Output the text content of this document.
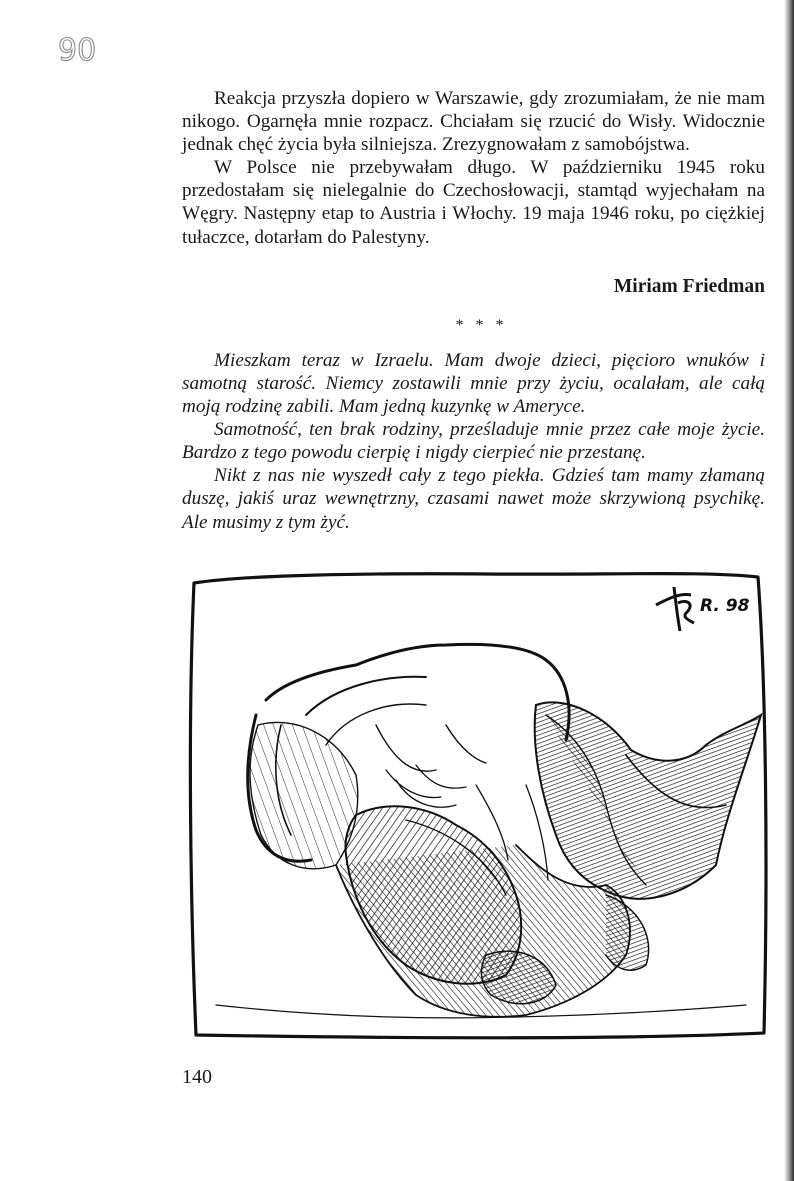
90

Reakcja przyszła dopiero w Warszawie, gdy zrozumiałam, że nie mam nikogo. Ogarnęła mnie rozpacz. Chciałam się rzucić do Wisły. Widocznie jednak chęć życia była silniejsza. Zrezygnowałam z samobójstwa.

W Polsce nie przebywałam długo. W październiku 1945 roku przedostałam się nielegalnie do Czechosłowacji, stamtąd wyjechałam na Węgry. Następny etap to Austria i Włochy. 19 maja 1946 roku, po ciężkiej tułaczce, dotarłam do Palestyny.

Miriam Friedman

* * *

Mieszkam teraz w Izraelu. Mam dwoje dzieci, pięcioro wnuków i samotną starość. Niemcy zostawili mnie przy życiu, ocalałam, ale całą moją rodzinę zabili. Mam jedną kuzynkę w Ameryce.

Samotność, ten brak rodziny, prześladuje mnie przez całe moje życie. Bardzo z tego powodu cierpię i nigdy cierpieć nie przestanę.

Nikt z nas nie wyszedł cały z tego piekła. Gdzieś tam mamy złamaną duszę, jakiś uraz wewnętrzny, czasami nawet może skrzywioną psychikę. Ale musimy z tym żyć.

R. 98
140
